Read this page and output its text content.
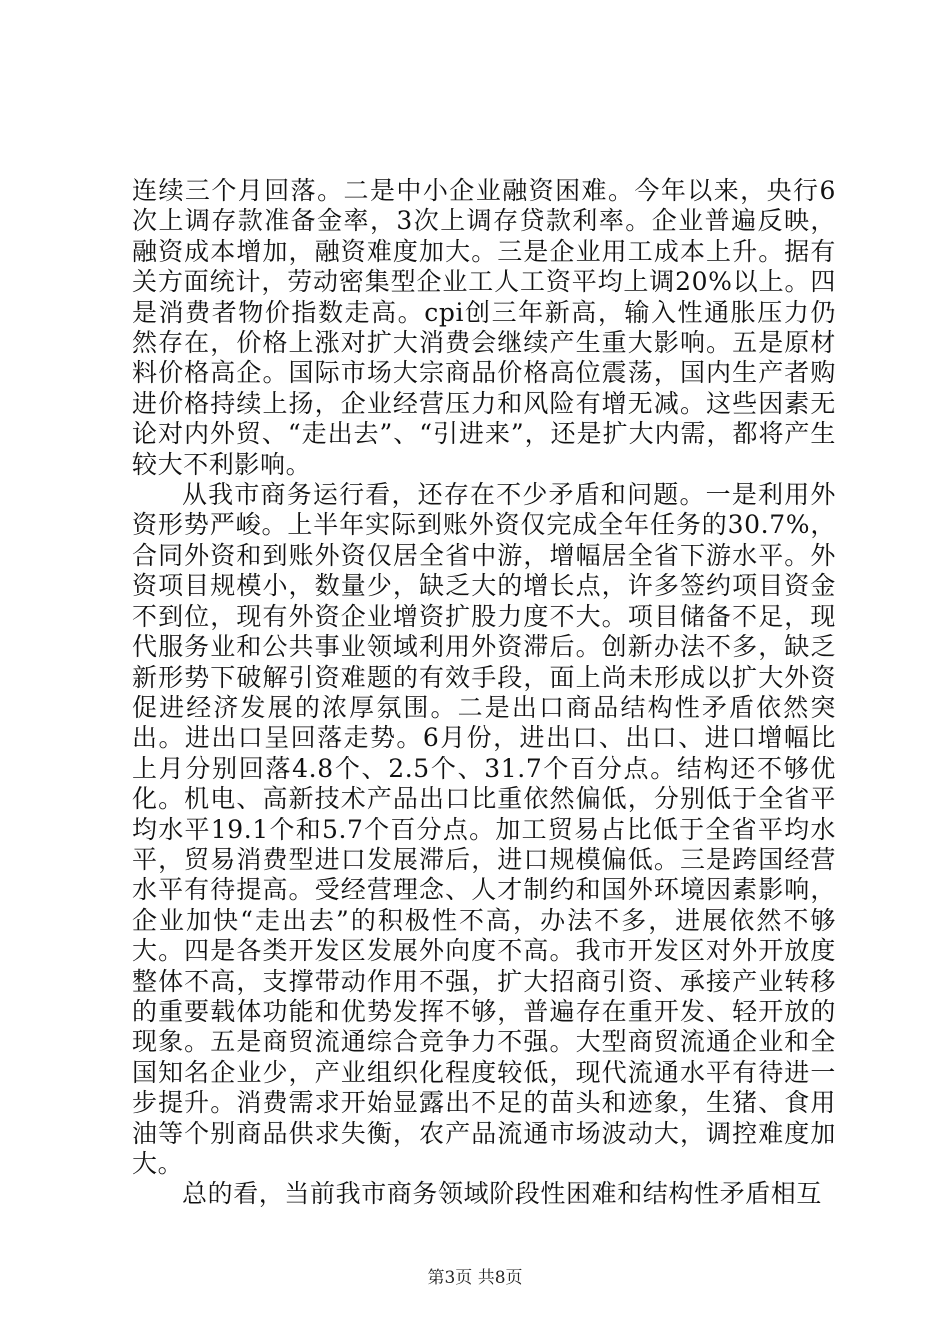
连续三个月回落。二是中小企业融资困难。今年以来，央行6次上调存款准备金率，3次上调存贷款利率。企业普遍反映，融资成本增加，融资难度加大。三是企业用工成本上升。据有关方面统计，劳动密集型企业工人工资平均上调20%以上。四是消费者物价指数走高。cpi创三年新高，输入性通胀压力仍然存在，价格上涨对扩大消费会继续产生重大影响。五是原材料价格高企。国际市场大宗商品价格高位震荡，国内生产者购进价格持续上扬，企业经营压力和风险有增无减。这些因素无论对内外贸、“走出去”、“引进来”，还是扩大内需，都将产生较大不利影响。

从我市商务运行看，还存在不少矛盾和问题。一是利用外资形势严峻。上半年实际到账外资仅完成全年任务的30.7%，合同外资和到账外资仅居全省中游，增幅居全省下游水平。外资项目规模小，数量少，缺乏大的增长点，许多签约项目资金不到位，现有外资企业增资扩股力度不大。项目储备不足，现代服务业和公共事业领域利用外资滞后。创新办法不多，缺乏新形势下破解引资难题的有效手段，面上尚未形成以扩大外资促进经济发展的浓厚氛围。二是出口商品结构性矛盾依然突出。进出口呈回落走势。6月份，进出口、出口、进口增幅比上月分别回落4.8个、2.5个、31.7个百分点。结构还不够优化。机电、高新技术产品出口比重依然偏低，分别低于全省平均水平19.1个和5.7个百分点。加工贸易占比低于全省平均水平，贸易消费型进口发展滞后，进口规模偏低。三是跨国经营水平有待提高。受经营理念、人才制约和国外环境因素影响，企业加快“走出去”的积极性不高，办法不多，进展依然不够大。四是各类开发区发展外向度不高。我市开发区对外开放度整体不高，支撑带动作用不强，扩大招商引资、承接产业转移的重要载体功能和优势发挥不够，普遍存在重开发、轻开放的现象。五是商贸流通综合竞争力不强。大型商贸流通企业和全国知名企业少，产业组织化程度较低，现代流通水平有待进一步提升。消费需求开始显露出不足的苗头和迹象，生猪、食用油等个别商品供求失衡，农产品流通市场波动大，调控难度加大。

总的看，当前我市商务领域阶段性困难和结构性矛盾相互

第3页 共8页
